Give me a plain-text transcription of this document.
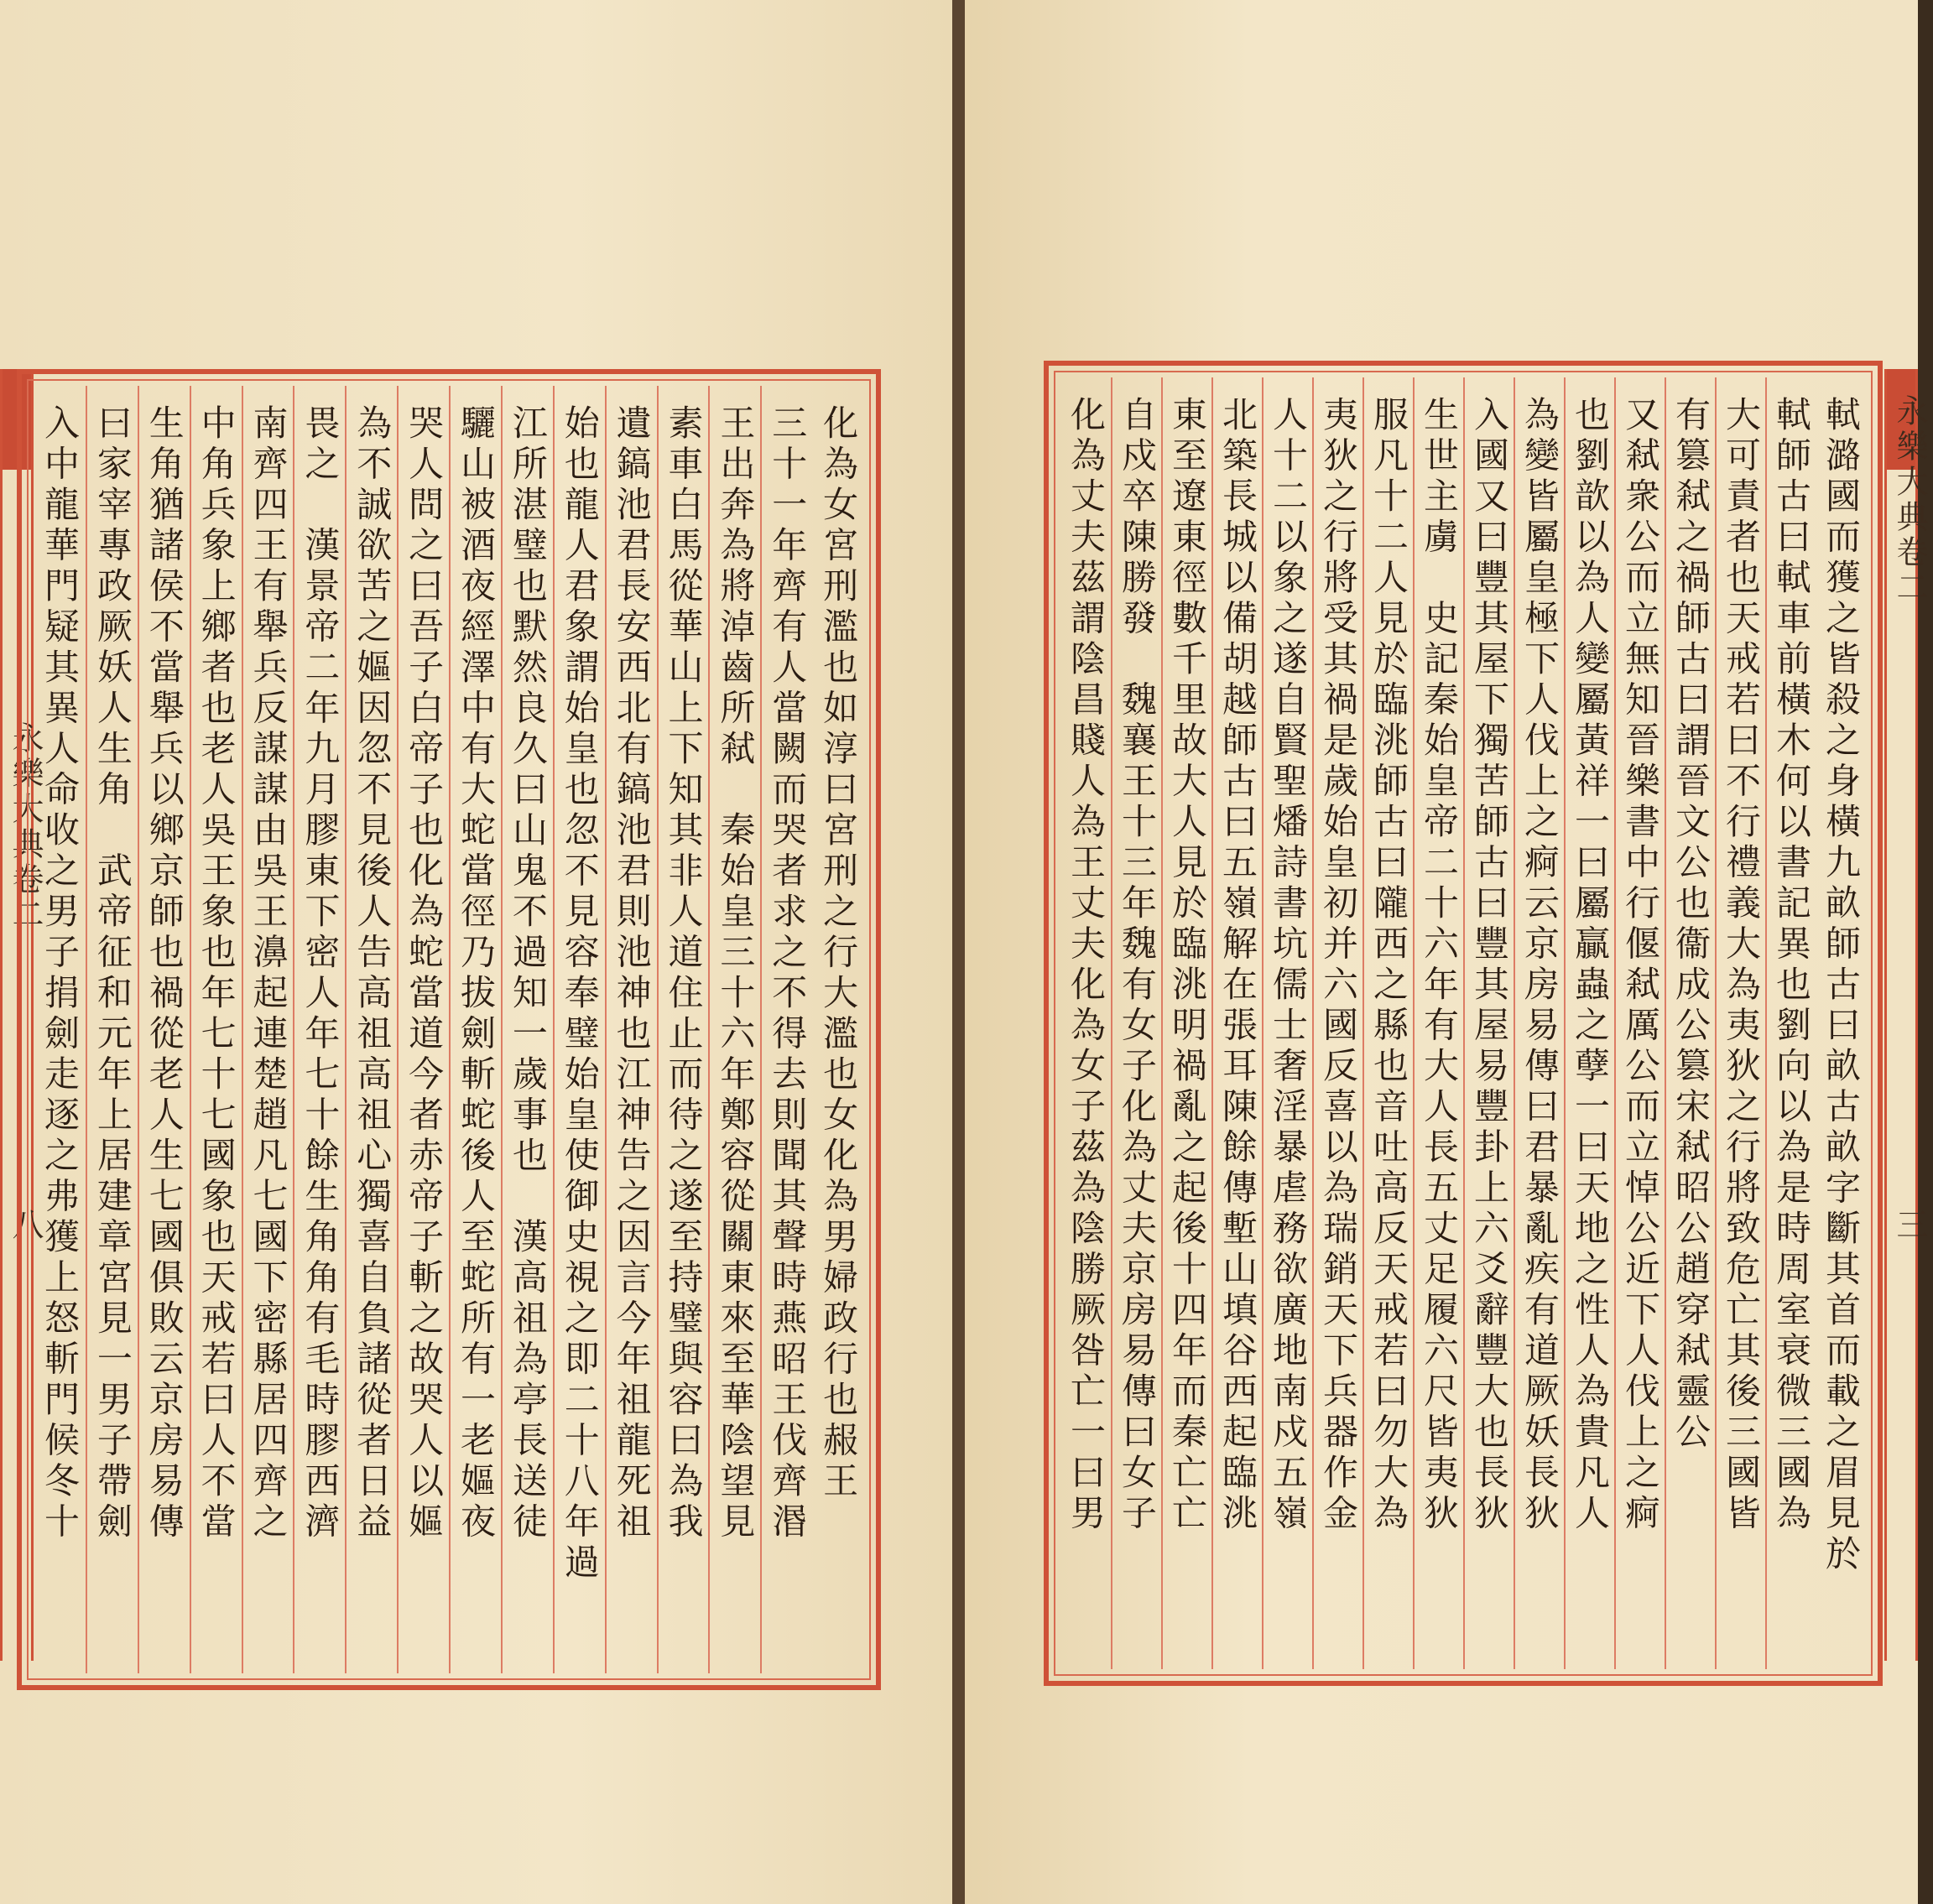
永樂大典卷二
八	化為女宮刑濫也如淳曰宮刑之行大濫也女化為男婦政行也赧王
三十一年齊有人當闕而哭者求之不得去則聞其聲時燕昭王伐齊湣
王出奔為將淖齒所弒　秦始皇三十六年鄭容從關東來至華陰望見
素車白馬從華山上下知其非人道住止而待之遂至持璧與容曰為我
遺鎬池君長安西北有鎬池君則池神也江神告之因言今年祖龍死祖
始也龍人君象謂始皇也忽不見容奉璧始皇使御史視之即二十八年過
江所湛璧也默然良久曰山鬼不過知一歲事也　漢高祖為亭長送徒
驪山被酒夜經澤中有大蛇當徑乃拔劍斬蛇後人至蛇所有一老嫗夜
哭人問之曰吾子白帝子也化為蛇當道今者赤帝子斬之故哭人以嫗
為不誠欲苦之嫗因忽不見後人告高祖高祖心獨喜自負諸從者日益
畏之　漢景帝二年九月膠東下密人年七十餘生角角有毛時膠西濟
南齊四王有舉兵反謀謀由吳王濞起連楚趙凡七國下密縣居四齊之
中角兵象上鄉者也老人吳王象也年七十七國象也天戒若曰人不當
生角猶諸侯不當舉兵以鄉京師也禍從老人生七國俱敗云京房易傳
曰家宰專政厥妖人生角　武帝征和元年上居建章宮見一男子帶劍
入中龍華門疑其異人命收之男子捐劍走逐之弗獲上怒斬門候冬十	軾潞國而獲之皆殺之身橫九畝師古曰畝古畝字斷其首而載之眉見於
軾師古曰軾車前橫木何以書記異也劉向以為是時周室衰微三國為
大可責者也天戒若曰不行禮義大為夷狄之行將致危亡其後三國皆
有篡弒之禍師古曰謂晉文公也衞成公篡宋弒昭公趙穿弒靈公
又弒衆公而立無知晉樂書中行偃弒厲公而立悼公近下人伐上之痾
也劉歆以為人變屬黃祥一曰屬贏蟲之孽一曰天地之性人為貴凡人
為變皆屬皇極下人伐上之痾云京房易傳曰君暴亂疾有道厥妖長狄
入國又曰豐其屋下獨苦師古曰豐其屋易豐卦上六爻辭豐大也長狄
生世主虜　史記秦始皇帝二十六年有大人長五丈足履六尺皆夷狄
服凡十二人見於臨洮師古曰隴西之縣也音吐高反天戒若曰勿大為
夷狄之行將受其禍是歲始皇初并六國反喜以為瑞銷天下兵器作金
人十二以象之遂自賢聖燔詩書坑儒士奢淫暴虐務欲廣地南戍五嶺
北築長城以備胡越師古曰五嶺解在張耳陳餘傳塹山填谷西起臨洮
東至遼東徑數千里故大人見於臨洮明禍亂之起後十四年而秦亡亡
自戍卒陳勝發　魏襄王十三年魏有女子化為丈夫京房易傳曰女子
化為丈夫茲謂陰昌賤人為王丈夫化為女子茲為陰勝厥咎亡一曰男	永樂大典卷二
三
